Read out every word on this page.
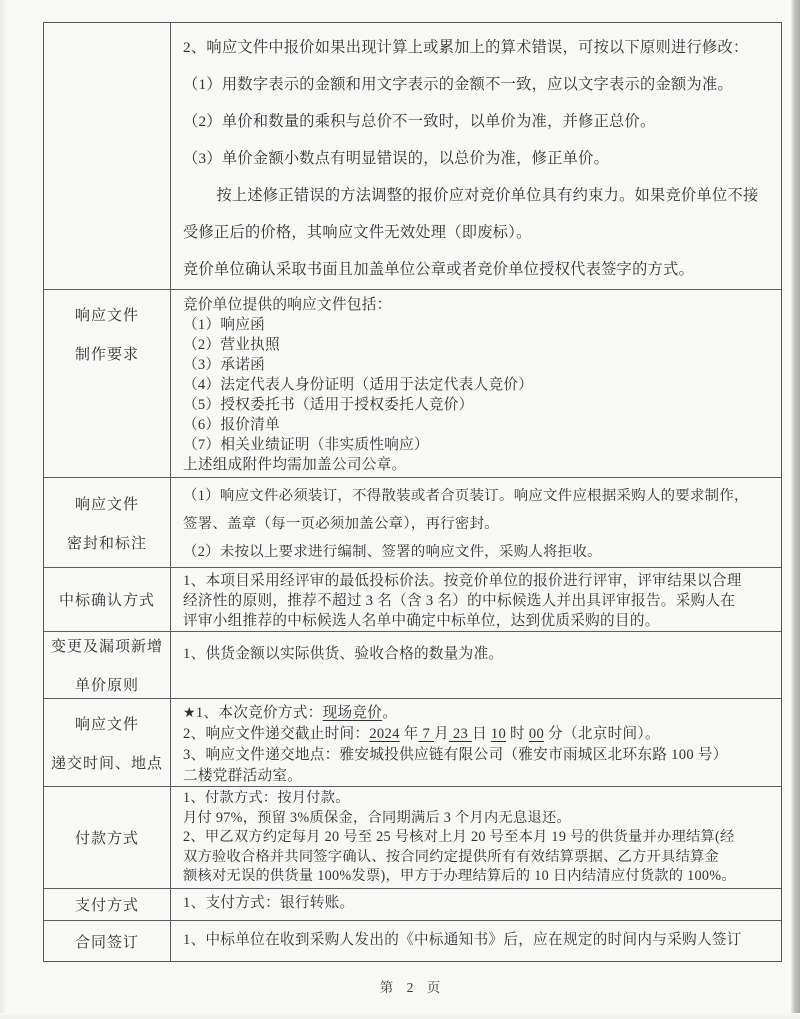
2、响应文件中报价如果出现计算上或累加上的算术错误，可按以下原则进行修改：
（1）用数字表示的金额和用文字表示的金额不一致，应以文字表示的金额为准。
（2）单价和数量的乘积与总价不一致时，以单价为准，并修正总价。
（3）单价金额小数点有明显错误的，以总价为准，修正单价。
按上述修正错误的方法调整的报价应对竞价单位具有约束力。如果竞价单位不接
受修正后的价格，其响应文件无效处理（即废标）。
竞价单位确认采取书面且加盖单位公章或者竞价单位授权代表签字的方式。
响应文件
制作要求
竞价单位提供的响应文件包括：
（1）响应函
（2）营业执照
（3）承诺函
（4）法定代表人身份证明（适用于法定代表人竞价）
（5）授权委托书（适用于授权委托人竞价）
（6）报价清单
（7）相关业绩证明（非实质性响应）
上述组成附件均需加盖公司公章。
响应文件
密封和标注
（1）响应文件必须装订，不得散装或者合页装订。响应文件应根据采购人的要求制作，
签署、盖章（每一页必须加盖公章），再行密封。
（2）未按以上要求进行编制、签署的响应文件，采购人将拒收。
中标确认方式
1、本项目采用经评审的最低投标价法。按竞价单位的报价进行评审，评审结果以合理
经济性的原则，推荐不超过 3 名（含 3 名）的中标候选人并出具评审报告。采购人在
评审小组推荐的中标候选人名单中确定中标单位，达到优质采购的目的。
变更及漏项新增
单价原则
1、供货金额以实际供货、验收合格的数量为准。
响应文件
递交时间、地点
★1、本次竞价方式：现场竞价。
2、响应文件递交截止时间：2024 年 7 月 23 日 10 时 00 分（北京时间）。
3、响应文件递交地点：雅安城投供应链有限公司（雅安市雨城区北环东路 100 号）
二楼党群活动室。
付款方式
1、付款方式：按月付款。
月付 97%，预留 3%质保金，合同期满后 3 个月内无息退还。
2、甲乙双方约定每月 20 号至 25 号核对上月 20 号至本月 19 号的供货量并办理结算(经
双方验收合格并共同签字确认、按合同约定提供所有有效结算票据、乙方开具结算金
额核对无误的供货量 100%发票)，甲方于办理结算后的 10 日内结清应付货款的 100%。
支付方式	1、支付方式：银行转账。
合同签订	1、中标单位在收到采购人发出的《中标通知书》后，应在规定的时间内与采购人签订
第 2 页
